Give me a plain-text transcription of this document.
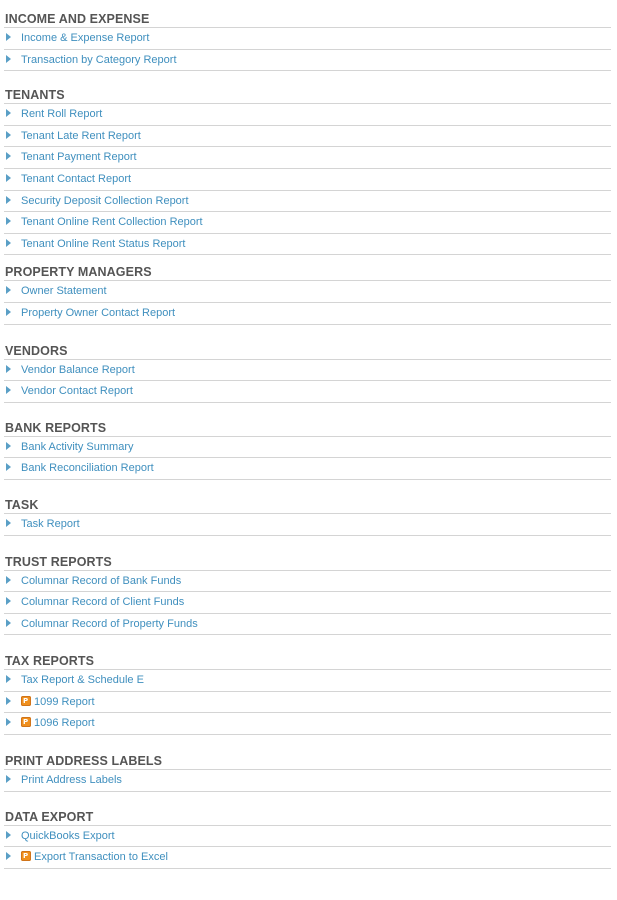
INCOME AND EXPENSE
Income & Expense Report
Transaction by Category Report
TENANTS
Rent Roll Report
Tenant Late Rent Report
Tenant Payment Report
Tenant Contact Report
Security Deposit Collection Report
Tenant Online Rent Collection Report
Tenant Online Rent Status Report
PROPERTY MANAGERS
Owner Statement
Property Owner Contact Report
VENDORS
Vendor Balance Report
Vendor Contact Report
BANK REPORTS
Bank Activity Summary
Bank Reconciliation Report
TASK
Task Report
TRUST REPORTS
Columnar Record of Bank Funds
Columnar Record of Client Funds
Columnar Record of Property Funds
TAX REPORTS
Tax Report & Schedule E
P1099 Report
P1096 Report
PRINT ADDRESS LABELS
Print Address Labels
DATA EXPORT
QuickBooks Export
PExport Transaction to Excel
